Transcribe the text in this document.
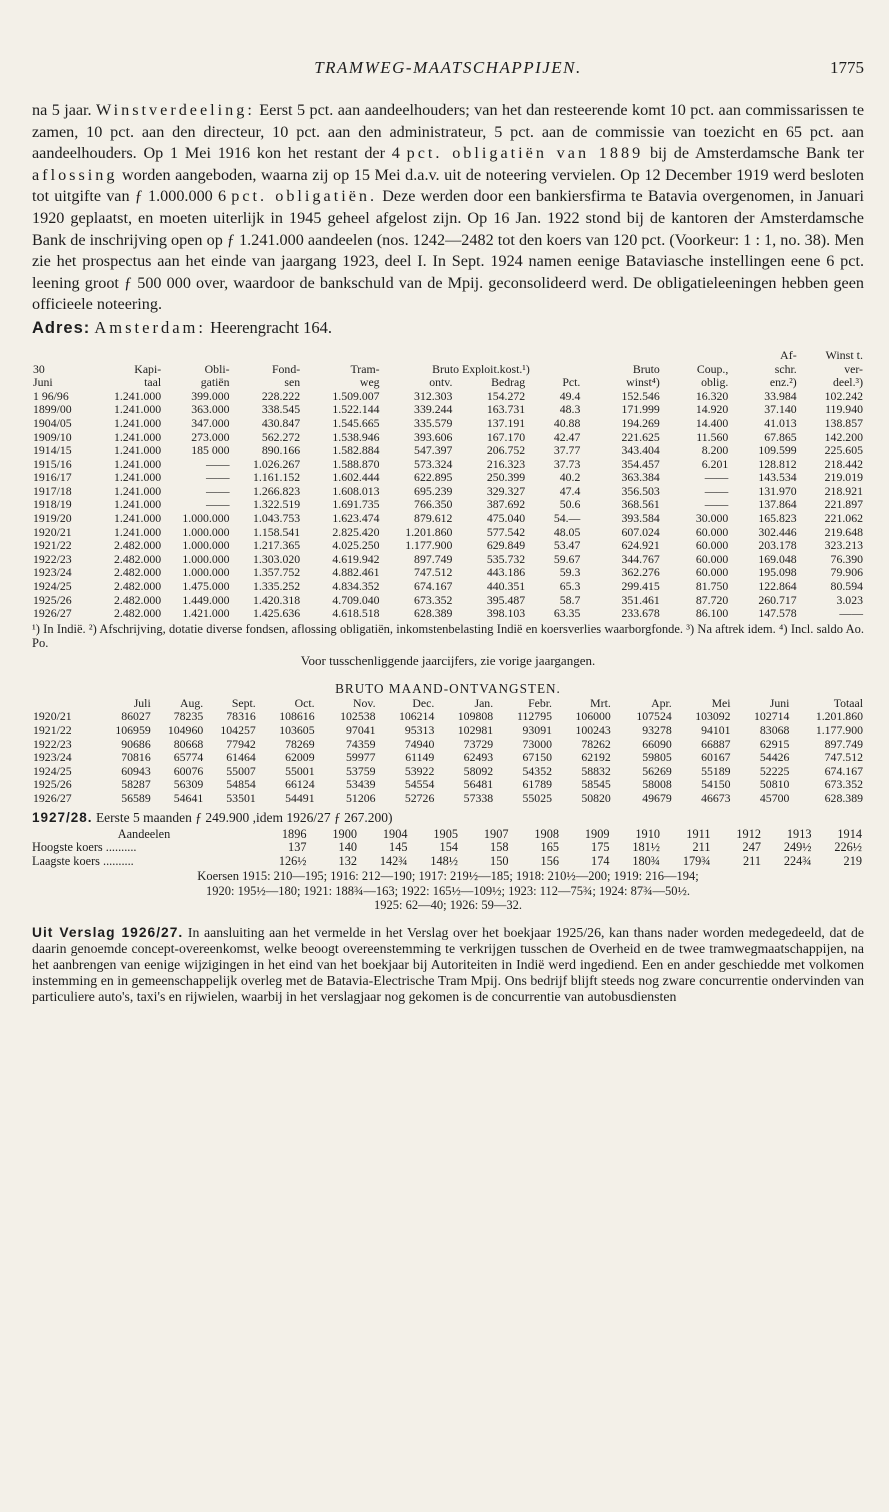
TRAMWEG-MAATSCHAPPIJEN.	1775

na 5 jaar. Winstverdeeling: Eerst 5 pct. aan aandeelhouders; van het dan resteerende komt 10 pct. aan commissarissen te zamen, 10 pct. aan den directeur, 10 pct. aan den administrateur, 5 pct. aan de commissie van toezicht en 65 pct. aan aandeelhouders. Op 1 Mei 1916 kon het restant der 4 pct. obligatiën van 1889 bij de Amsterdamsche Bank ter aflossing worden aangeboden, waarna zij op 15 Mei d.a.v. uit de noteering vervielen. Op 12 December 1919 werd besloten tot uitgifte van ƒ 1.000.000 6 pct. obligatiën. Deze werden door een bankiersfirma te Batavia overgenomen, in Januari 1920 geplaatst, en moeten uiterlijk in 1945 geheel afgelost zijn. Op 16 Jan. 1922 stond bij de kantoren der Amsterdamsche Bank de inschrijving open op ƒ 1.241.000 aandeelen (nos. 1242—2482 tot den koers van 120 pct. (Voorkeur: 1 : 1, no. 38). Men zie het prospectus aan het einde van jaargang 1923, deel I. In Sept. 1924 namen eenige Bataviasche instellingen eene 6 pct. leening groot ƒ 500 000 over, waardoor de bankschuld van de Mpij. geconsolideerd werd. De obligatieleeningen hebben geen officieele noteering.

Adres: Amsterdam: Heerengracht 164.

										Af-	Winst t.
30	Kapi-	Obli-	Fond-	Tram-	Bruto Exploit.kost.¹)			Bruto	Coup.,	schr.	ver-
Juni	taal	gatiën	sen	weg	ontv.	Bedrag	Pct.	winst⁴)	oblig.	enz.²)	deel.³)
1 96/96	1.241.000	399.000	228.222	1.509.007	312.303	154.272	49.4	152.546	16.320	33.984	102.242
1899/00	1.241.000	363.000	338.545	1.522.144	339.244	163.731	48.3	171.999	14.920	37.140	119.940
1904/05	1.241.000	347.000	430.847	1.545.665	335.579	137.191	40.88	194.269	14.400	41.013	138.857
1909/10	1.241.000	273.000	562.272	1.538.946	393.606	167.170	42.47	221.625	11.560	67.865	142.200
1914/15	1.241.000	185 000	890.166	1.582.884	547.397	206.752	37.77	343.404	8.200	109.599	225.605
1915/16	1.241.000	——	1.026.267	1.588.870	573.324	216.323	37.73	354.457	6.201	128.812	218.442
1916/17	1.241.000	——	1.161.152	1.602.444	622.895	250.399	40.2	363.384	——	143.534	219.019
1917/18	1.241.000	——	1.266.823	1.608.013	695.239	329.327	47.4	356.503	——	131.970	218.921
1918/19	1.241.000	——	1.322.519	1.691.735	766.350	387.692	50.6	368.561	——	137.864	221.897
1919/20	1.241.000	1.000.000	1.043.753	1.623.474	879.612	475.040	54.—	393.584	30.000	165.823	221.062
1920/21	1.241.000	1.000.000	1.158.541	2.825.420	1.201.860	577.542	48.05	607.024	60.000	302.446	219.648
1921/22	2.482.000	1.000.000	1.217.365	4.025.250	1.177.900	629.849	53.47	624.921	60.000	203.178	323.213
1922/23	2.482.000	1.000.000	1.303.020	4.619.942	897.749	535.732	59.67	344.767	60.000	169.048	76.390
1923/24	2.482.000	1.000.000	1.357.752	4.882.461	747.512	443.186	59.3	362.276	60.000	195.098	79.906
1924/25	2.482.000	1.475.000	1.335.252	4.834.352	674.167	440.351	65.3	299.415	81.750	122.864	80.594
1925/26	2.482.000	1.449.000	1.420.318	4.709.040	673.352	395.487	58.7	351.461	87.720	260.717	3.023
1926/27	2.482.000	1.421.000	1.425.636	4.618.518	628.389	398.103	63.35	233.678	86.100	147.578	——

¹) In Indië. ²) Afschrijving, dotatie diverse fondsen, aflossing obligatiën, inkomstenbelasting Indië en koersverlies waarborgfonde. ³) Na aftrek idem. ⁴) Incl. saldo Ao. Po.

Voor tusschenliggende jaarcijfers, zie vorige jaargangen.

BRUTO MAAND-ONTVANGSTEN.

	Juli	Aug.	Sept.	Oct.	Nov.	Dec.	Jan.	Febr.	Mrt.	Apr.	Mei	Juni	Totaal
1920/21	86027	78235	78316	108616	102538	106214	109808	112795	106000	107524	103092	102714	1.201.860
1921/22	106959	104960	104257	103605	97041	95313	102981	93091	100243	93278	94101	83068	1.177.900
1922/23	90686	80668	77942	78269	74359	74940	73729	73000	78262	66090	66887	62915	897.749
1923/24	70816	65774	61464	62009	59977	61149	62493	67150	62192	59805	60167	54426	747.512
1924/25	60943	60076	55007	55001	53759	53922	58092	54352	58832	56269	55189	52225	674.167
1925/26	58287	56309	54854	66124	53439	54554	56481	61789	58545	58008	54150	50810	673.352
1926/27	56589	54641	53501	54491	51206	52726	57338	55025	50820	49679	46673	45700	628.389

1927/28. Eerste 5 maanden ƒ 249.900 ,idem 1926/27 ƒ 267.200)

Aandeelen	1896	1900	1904	1905	1907	1908	1909	1910	1911	1912	1913	1914
Hoogste koers ..........	137	140	145	154	158	165	175	181½	211	247	249½	226½
Laagste koers ..........	126½	132	142¾	148½	150	156	174	180¾	179¾	211	224¾	219

Koersen 1915: 210—195; 1916: 212—190; 1917: 219½—185; 1918: 210½—200; 1919: 216—194;

1920: 195½—180; 1921: 188¾—163; 1922: 165½—109½; 1923: 112—75¾; 1924: 87¾—50½.

1925: 62—40; 1926: 59—32.

Uit Verslag 1926/27. In aansluiting aan het vermelde in het Verslag over het boekjaar 1925/26, kan thans nader worden medegedeeld, dat de daarin genoemde concept-overeenkomst, welke beoogt overeenstemming te verkrijgen tusschen de Overheid en de twee tramwegmaatschappijen, na het aanbrengen van eenige wijzigingen in het eind van het boekjaar bij Autoriteiten in Indië werd ingediend. Een en ander geschiedde met volkomen instemming en in gemeenschappelijk overleg met de Batavia-Electrische Tram Mpij. Ons bedrijf blijft steeds nog zware concurrentie ondervinden van particuliere auto's, taxi's en rijwielen, waarbij in het verslagjaar nog gekomen is de concurrentie van autobusdiensten
